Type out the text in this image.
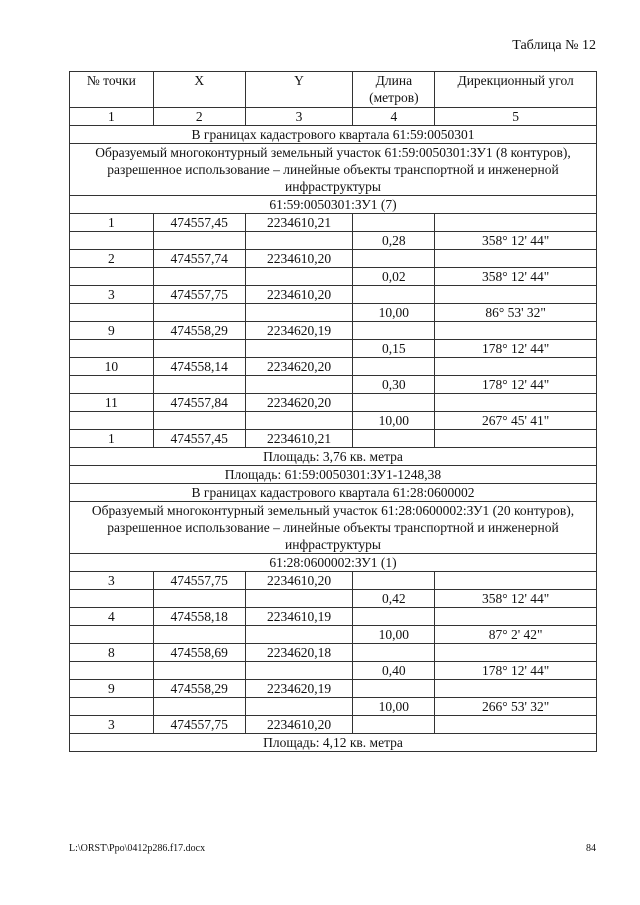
Таблица № 12
№ точки	X	Y	Длина (метров)	Дирекционный угол
1	2	3	4	5
В границах кадастрового квартала 61:59:0050301				
Образуемый многоконтурный земельный участок 61:59:0050301:ЗУ1 (8 контуров), разрешенное использование – линейные объекты транспортной и инженерной инфраструктуры				
61:59:0050301:ЗУ1 (7)				
1	474557,45	2234610,21		
			0,28	358° 12' 44"
2	474557,74	2234610,20		
			0,02	358° 12' 44"
3	474557,75	2234610,20		
			10,00	86° 53' 32"
9	474558,29	2234620,19		
			0,15	178° 12' 44"
10	474558,14	2234620,20		
			0,30	178° 12' 44"
11	474557,84	2234620,20		
			10,00	267° 45' 41"
1	474557,45	2234610,21		
Площадь: 3,76 кв. метра				
Площадь: 61:59:0050301:ЗУ1-1248,38				
В границах кадастрового квартала 61:28:0600002				
Образуемый многоконтурный земельный участок 61:28:0600002:ЗУ1 (20 контуров), разрешенное использование – линейные объекты транспортной и инженерной инфраструктуры				
61:28:0600002:ЗУ1 (1)				
3	474557,75	2234610,20		
			0,42	358° 12' 44"
4	474558,18	2234610,19		
			10,00	87° 2' 42"
8	474558,69	2234620,18		
			0,40	178° 12' 44"
9	474558,29	2234620,19		
			10,00	266° 53' 32"
3	474557,75	2234610,20		
Площадь: 4,12 кв. метра				
L:\ORST\Ppo\0412p286.f17.docx	84
